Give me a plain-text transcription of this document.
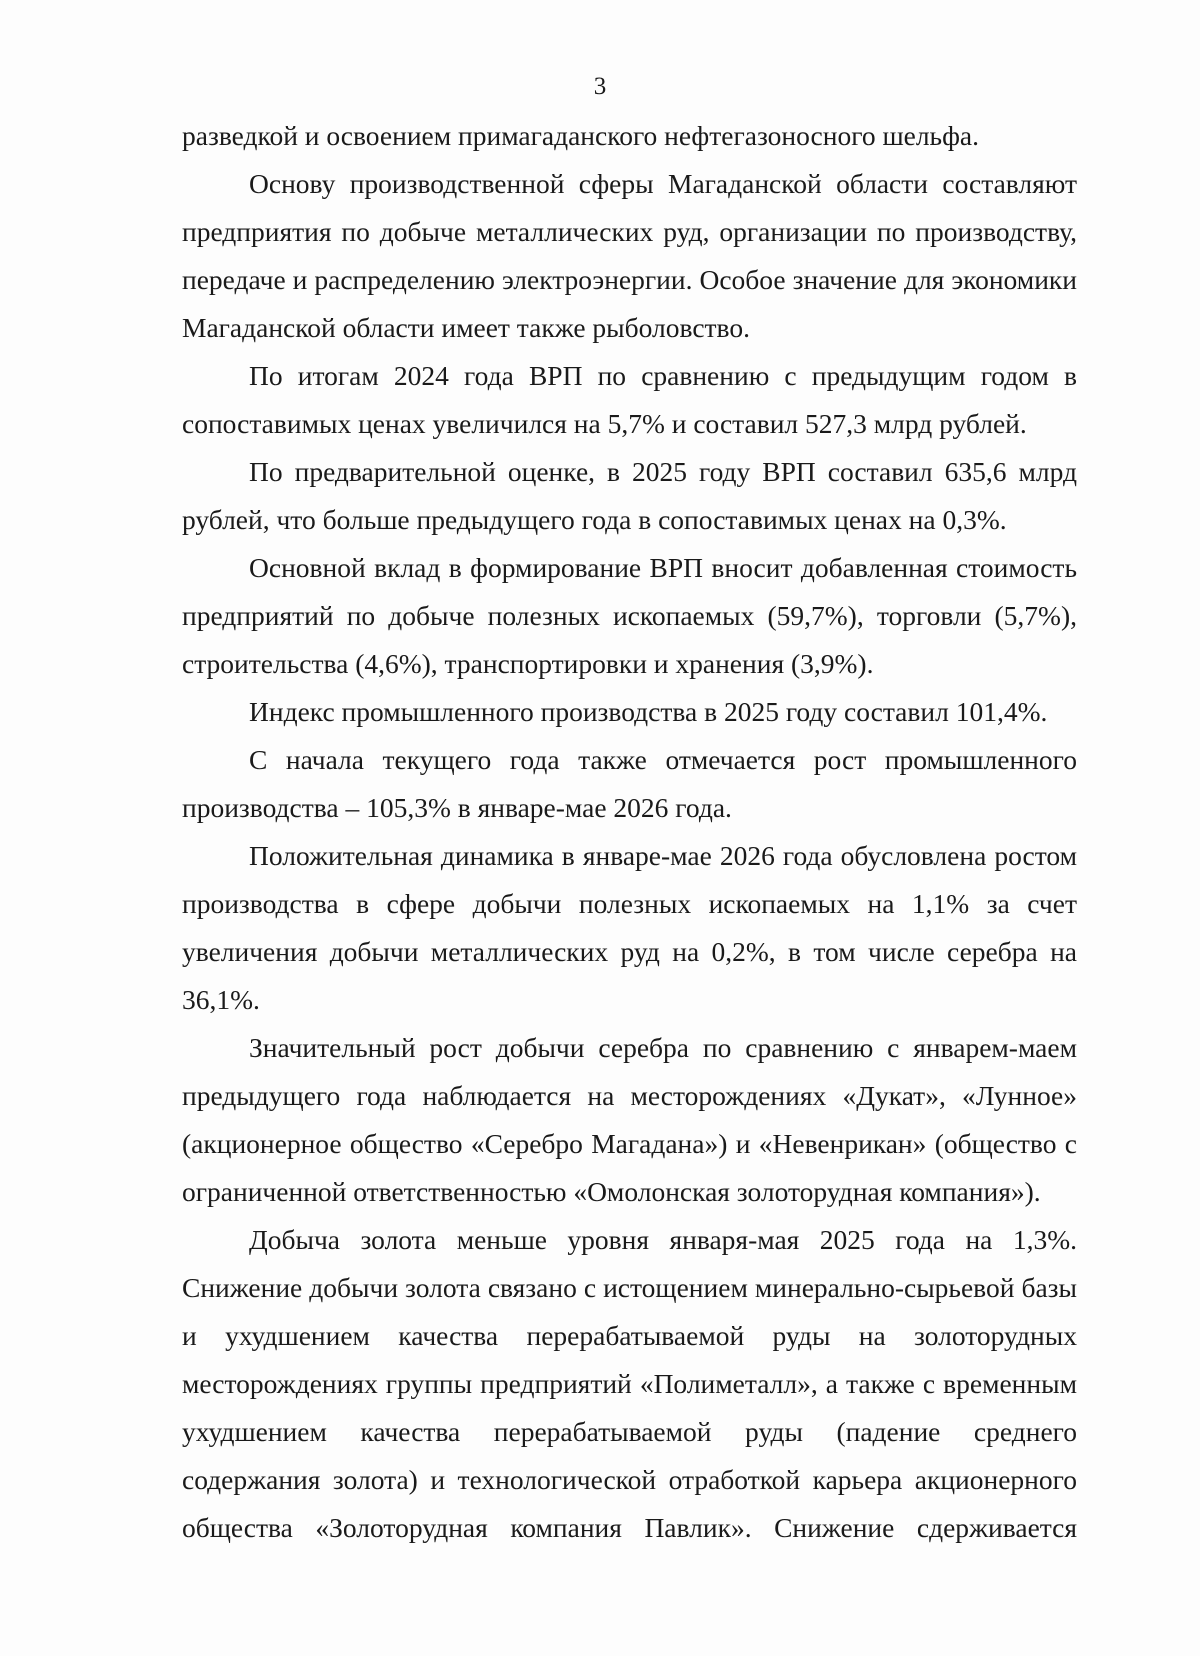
3

разведкой и освоением примагаданского нефтегазоносного шельфа.

Основу производственной сферы Магаданской области составляют предприятия по добыче металлических руд, организации по производству, передаче и распределению электроэнергии. Особое значение для экономики Магаданской области имеет также рыболовство.

По итогам 2024 года ВРП по сравнению с предыдущим годом в сопоставимых ценах увеличился на 5,7% и составил 527,3 млрд рублей.

По предварительной оценке, в 2025 году ВРП составил 635,6 млрд рублей, что больше предыдущего года в сопоставимых ценах на 0,3%.

Основной вклад в формирование ВРП вносит добавленная стоимость предприятий по добыче полезных ископаемых (59,7%), торговли (5,7%), строительства (4,6%), транспортировки и хранения (3,9%).

Индекс промышленного производства в 2025 году составил 101,4%.

С начала текущего года также отмечается рост промышленного производства – 105,3% в январе-мае 2026 года.

Положительная динамика в январе-мае 2026 года обусловлена ростом производства в сфере добычи полезных ископаемых на 1,1% за счет увеличения добычи металлических руд на 0,2%, в том числе серебра на 36,1%.

Значительный рост добычи серебра по сравнению с январем-маем предыдущего года наблюдается на месторождениях «Дукат», «Лунное» (акционерное общество «Серебро Магадана») и «Невенрикан» (общество с ограниченной ответственностью «Омолонская золоторудная компания»).

Добыча золота меньше уровня января-мая 2025 года на 1,3%. Снижение добычи золота связано с истощением минерально-сырьевой базы и ухудшением качества перерабатываемой руды на золоторудных месторождениях группы предприятий «Полиметалл», а также с временным ухудшением качества перерабатываемой руды (падение среднего содержания золота) и технологической отработкой карьера акционерного общества «Золоторудная компания Павлик». Снижение сдерживается
